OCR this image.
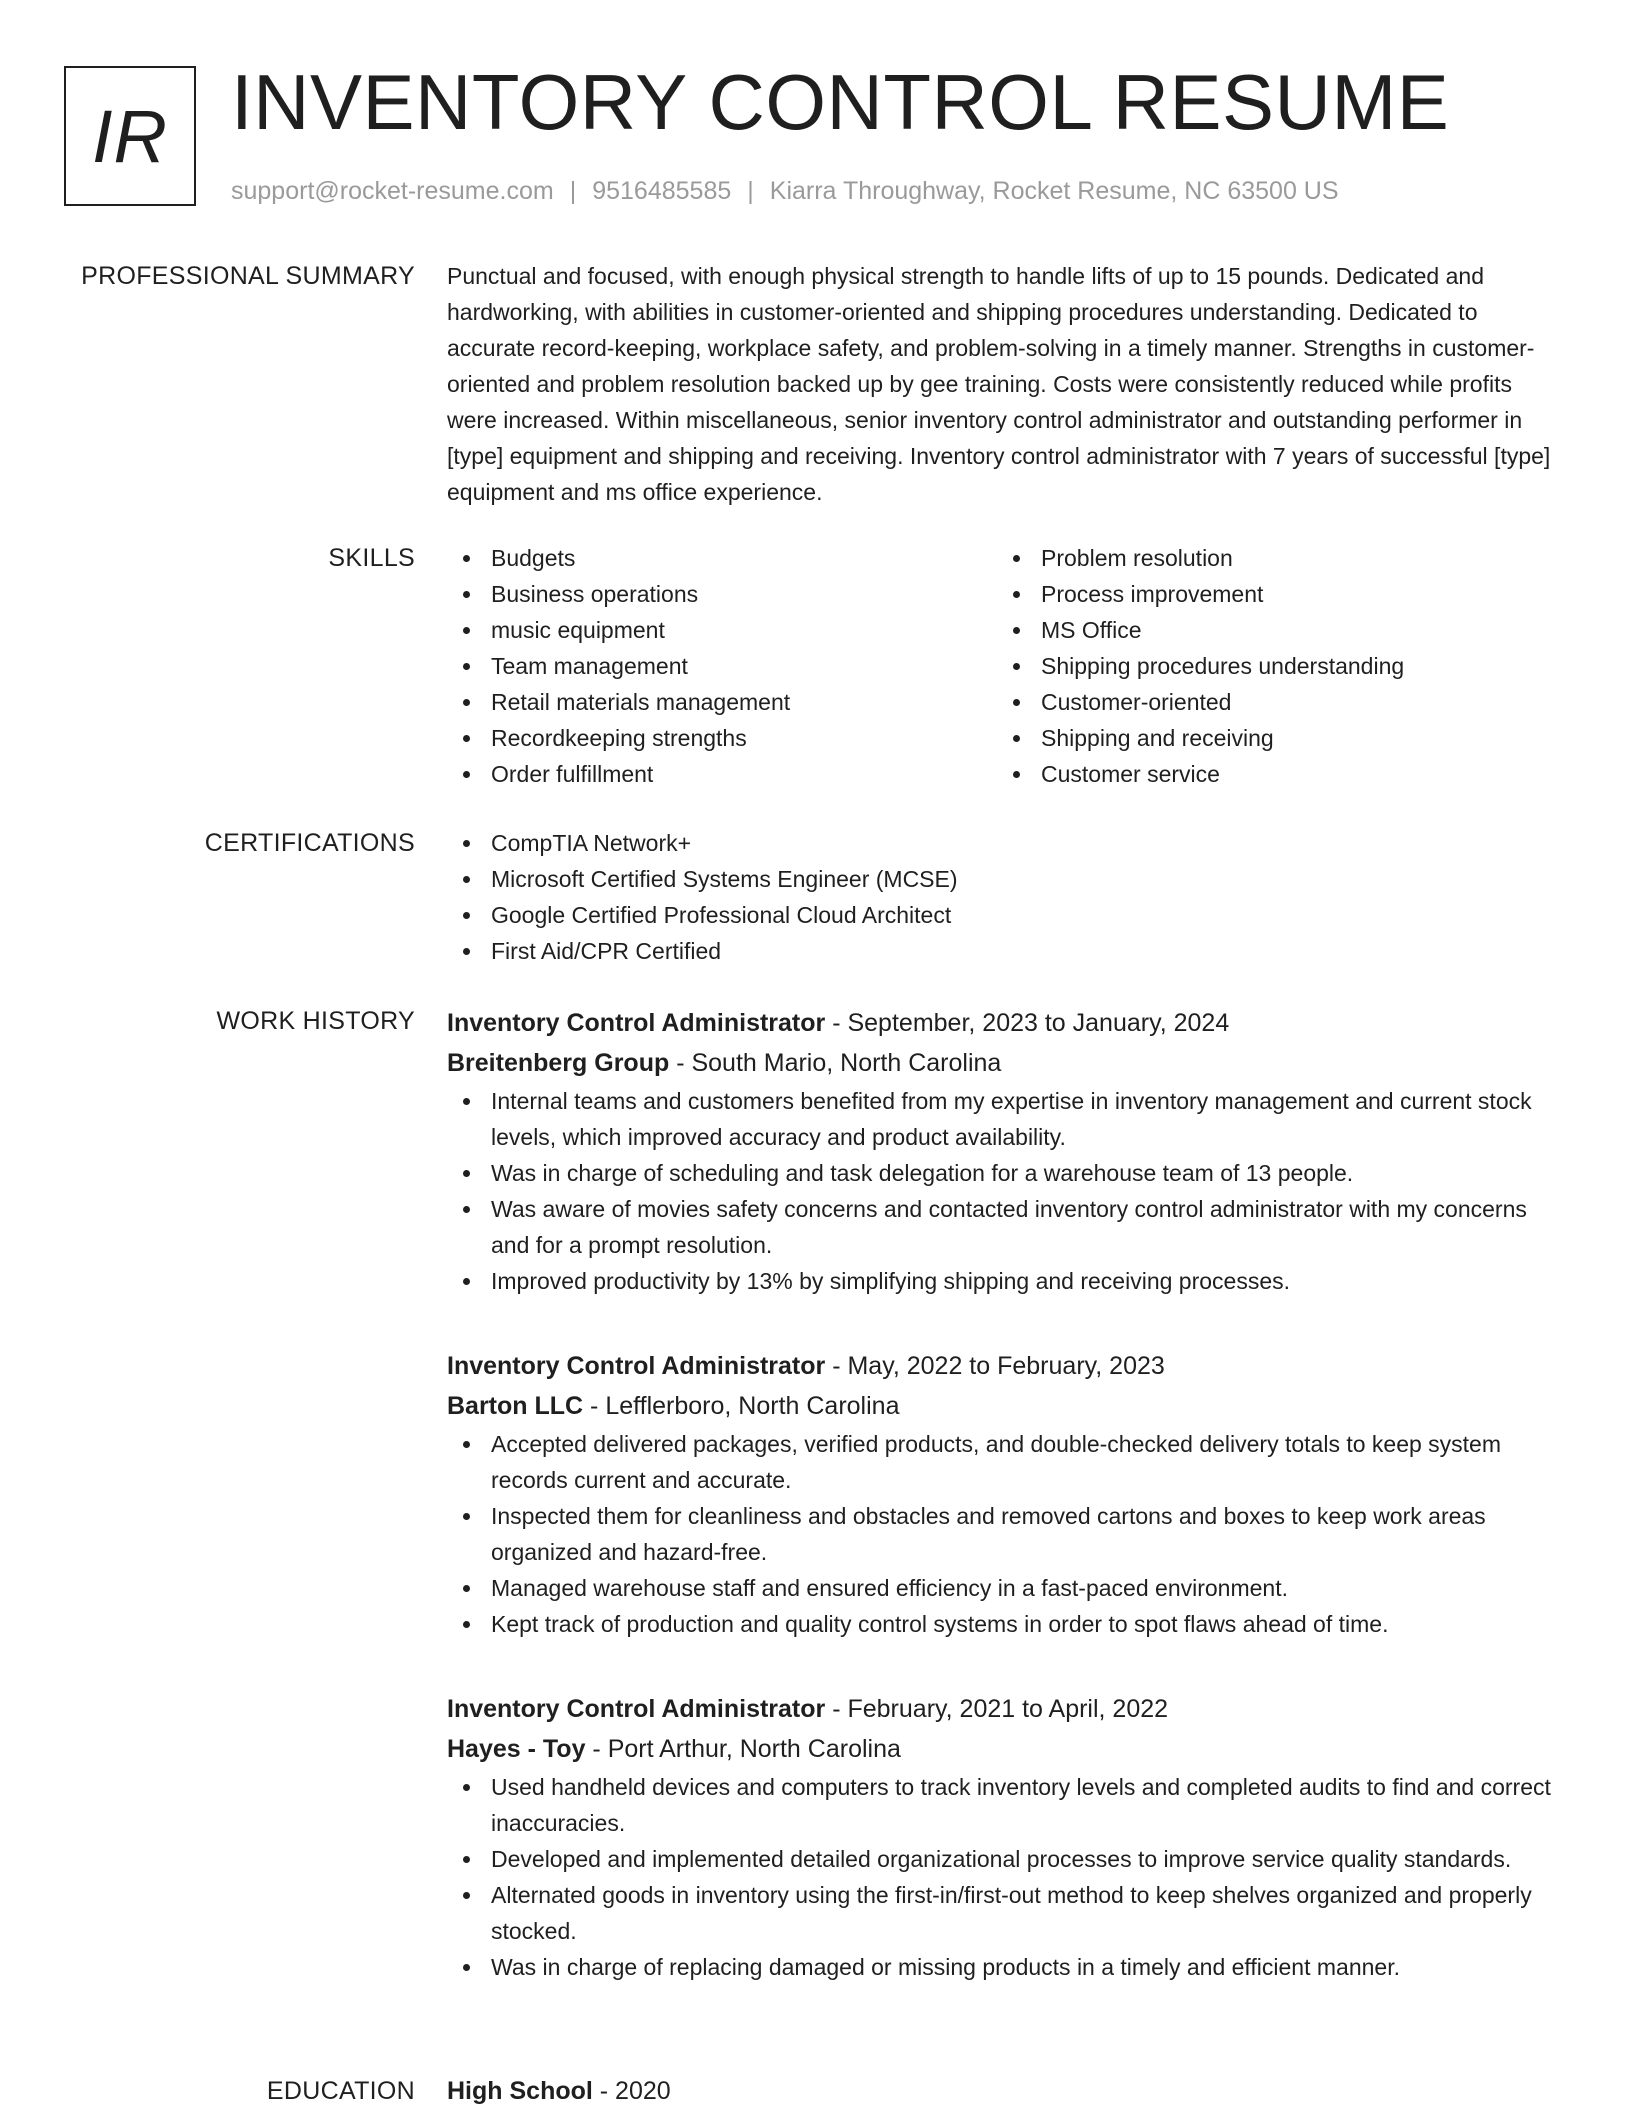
IR INVENTORY CONTROL RESUME
support@rocket-resume.com | 9516485585 | Kiarra Throughway, Rocket Resume, NC 63500 US
PROFESSIONAL SUMMARY Punctual and focused, with enough physical strength to handle lifts of up to 15 pounds. Dedicated and hardworking, with abilities in customer-oriented and shipping procedures understanding. Dedicated to accurate record-keeping, workplace safety, and problem-solving in a timely manner. Strengths in customer-oriented and problem resolution backed up by gee training. Costs were consistently reduced while profits were increased. Within miscellaneous, senior inventory control administrator and outstanding performer in [type] equipment and shipping and receiving. Inventory control administrator with 7 years of successful [type] equipment and ms office experience.

SKILLS	Budgets
Business operations
music equipment
Team management
Retail materials management
Recordkeeping strengths
Order fulfillment
Problem resolution
Process improvement
MS Office
Shipping procedures understanding
Customer-oriented
Shipping and receiving
Customer service
CERTIFICATIONS	CompTIA Network+
Microsoft Certified Systems Engineer (MCSE)
Google Certified Professional Cloud Architect
First Aid/CPR Certified
WORK HISTORY Inventory Control Administrator - September, 2023 to January, 2024
Breitenberg Group - South Mario, North Carolina
Internal teams and customers benefited from my expertise in inventory management and current stock levels, which improved accuracy and product availability.
Was in charge of scheduling and task delegation for a warehouse team of 13 people.
Was aware of movies safety concerns and contacted inventory control administrator with my concerns and for a prompt resolution.
Improved productivity by 13% by simplifying shipping and receiving processes.
Inventory Control Administrator - May, 2022 to February, 2023
Barton LLC - Lefflerboro, North Carolina
Accepted delivered packages, verified products, and double-checked delivery totals to keep system records current and accurate.
Inspected them for cleanliness and obstacles and removed cartons and boxes to keep work areas organized and hazard-free.
Managed warehouse staff and ensured efficiency in a fast-paced environment.
Kept track of production and quality control systems in order to spot flaws ahead of time.
Inventory Control Administrator - February, 2021 to April, 2022
Hayes - Toy - Port Arthur, North Carolina
Used handheld devices and computers to track inventory levels and completed audits to find and correct inaccuracies.
Developed and implemented detailed organizational processes to improve service quality standards.
Alternated goods in inventory using the first-in/first-out method to keep shelves organized and properly stocked.
Was in charge of replacing damaged or missing products in a timely and efficient manner.
EDUCATION High School - 2020
